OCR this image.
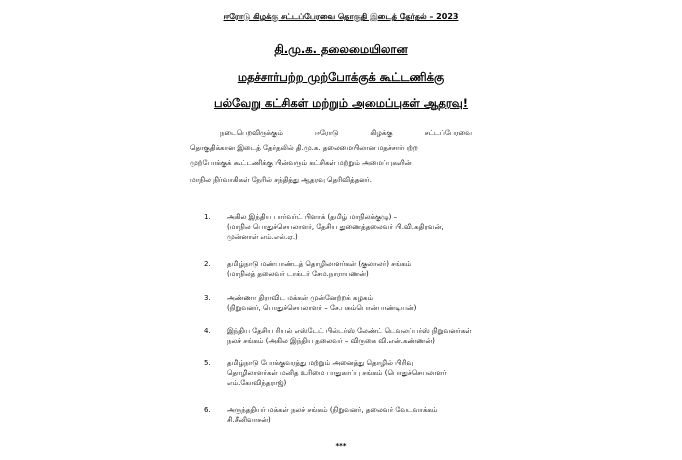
ஈரோடு கிழக்கு சட்டப்பேரவை தொகுதி இடைத் தேர்தல் – 2023
தி.மு.க. தலைமையிலான
மதச்சார்பற்ற முற்போக்குக் கூட்டணிக்கு
பல்வேறு கட்சிகள் மற்றும் அமைப்புகள் ஆதரவு!
நடைபெறவிருக்கும்	ஈரோடு	கிழக்கு	சட்டப்பேரவை
தொகுதிக்கான இடைத் தேர்தலில் தி.மு.க. தலைமையிலான மதச்சார்பற்ற
முற்போக்குக் கூட்டணிக்கு பின்வரும் கட்சிகள் மற்றும் அமைப்புகளின்
மாநில நிர்வாகிகள் நேரில் சந்தித்து ஆதரவு தெரிவித்தனர்.
1.	அகில இந்திய பார்வர்ட் பிளாக் (தமிழ் மாநிலக்குழு) –
(மாநில பொதுச்செயலாளர், தேசிய துணைத்தலைவர் பி.வி.கதிரவன்,
முன்னாள் எம்.எல்.ஏ.)
2.	தமிழ்நாடு மண்பாண்டத் தொழிலாளர்கள் (குலாலர்) சங்கம்
(மாநிலத் தலைவர் டாக்டர் சேம.நாராயணன்)
3.	அண்ணா திராவிட மக்கள் முன்னேற்றக் கழகம்
(நிறுவனர், பொதுச்செயலாளர் – சே.பசும்பொன்பாண்டியன்)
4.	இந்திய தேசிய ரியல் எஸ்டேட் பில்டர்ஸ் லேண்ட் டெவலப்பர்ஸ் நிறுவனர்கள்
நலச் சங்கம் (அகில இந்திய தலைவர் – விருகை வி.என்.கண்ணன்)
5.	தமிழ்நாடு போக்குவரத்து மற்றும் அனைத்து தொழில் பிரிவு
தொழிலாளர்கள் மனித உரிமை பாதுகாப்பு சங்கம் (பொதுச்செயலாளர்
எம்.கோவிந்தராஜ்)
6.	அருந்ததியர் மக்கள் நலச் சங்கம் (நிறுவனர், தலைவர் வேடவாக்கம்
சி.சீனிவாசன்)
***
